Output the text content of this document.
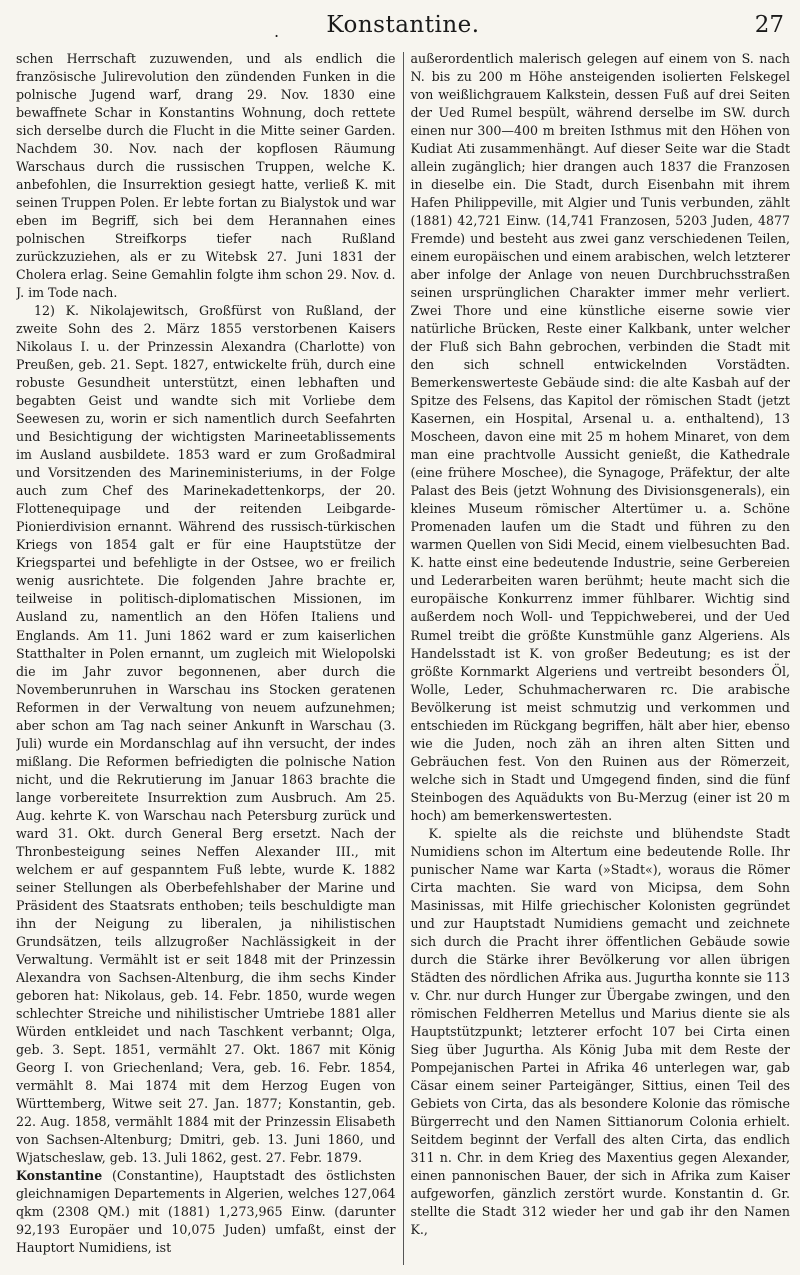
.	Konstantine.	27

schen Herrschaft zuzuwenden, und als endlich die französische Julirevolution den zündenden Funken in die polnische Jugend warf, drang 29. Nov. 1830 eine bewaffnete Schar in Konstantins Wohnung, doch rettete sich derselbe durch die Flucht in die Mitte seiner Garden. Nachdem 30. Nov. nach der kopflosen Räumung Warschaus durch die russischen Truppen, welche K. anbefohlen, die Insurrektion gesiegt hatte, verließ K. mit seinen Truppen Polen. Er lebte fortan zu Bialystok und war eben im Begriff, sich bei dem Herannahen eines polnischen Streifkorps tiefer nach Rußland zurückzuziehen, als er zu Witebsk 27. Juni 1831 der Cholera erlag. Seine Gemahlin folgte ihm schon 29. Nov. d. J. im Tode nach.

12) K. Nikolajewitsch, Großfürst von Rußland, der zweite Sohn des 2. März 1855 verstorbenen Kaisers Nikolaus I. u. der Prinzessin Alexandra (Charlotte) von Preußen, geb. 21. Sept. 1827, entwickelte früh, durch eine robuste Gesundheit unterstützt, einen lebhaften und begabten Geist und wandte sich mit Vorliebe dem Seewesen zu, worin er sich namentlich durch Seefahrten und Besichtigung der wichtigsten Marineetablissements im Ausland ausbildete. 1853 ward er zum Großadmiral und Vorsitzenden des Marineministeriums, in der Folge auch zum Chef des Marinekadettenkorps, der 20. Flottenequipage und der reitenden Leibgarde-Pionierdivision ernannt. Während des russisch-türkischen Kriegs von 1854 galt er für eine Hauptstütze der Kriegspartei und befehligte in der Ostsee, wo er freilich wenig ausrichtete. Die folgenden Jahre brachte er, teilweise in politisch-diplomatischen Missionen, im Ausland zu, namentlich an den Höfen Italiens und Englands. Am 11. Juni 1862 ward er zum kaiserlichen Statthalter in Polen ernannt, um zugleich mit Wielopolski die im Jahr zuvor begonnenen, aber durch die Novemberunruhen in Warschau ins Stocken geratenen Reformen in der Verwaltung von neuem aufzunehmen; aber schon am Tag nach seiner Ankunft in Warschau (3. Juli) wurde ein Mordanschlag auf ihn versucht, der indes mißlang. Die Reformen befriedigten die polnische Nation nicht, und die Rekrutierung im Januar 1863 brachte die lange vorbereitete Insurrektion zum Ausbruch. Am 25. Aug. kehrte K. von Warschau nach Petersburg zurück und ward 31. Okt. durch General Berg ersetzt. Nach der Thronbesteigung seines Neffen Alexander III., mit welchem er auf gespanntem Fuß lebte, wurde K. 1882 seiner Stellungen als Oberbefehlshaber der Marine und Präsident des Staatsrats enthoben; teils beschuldigte man ihn der Neigung zu liberalen, ja nihilistischen Grundsätzen, teils allzugroßer Nachlässigkeit in der Verwaltung. Vermählt ist er seit 1848 mit der Prinzessin Alexandra von Sachsen-Altenburg, die ihm sechs Kinder geboren hat: Nikolaus, geb. 14. Febr. 1850, wurde wegen schlechter Streiche und nihilistischer Umtriebe 1881 aller Würden entkleidet und nach Taschkent verbannt; Olga, geb. 3. Sept. 1851, vermählt 27. Okt. 1867 mit König Georg I. von Griechenland; Vera, geb. 16. Febr. 1854, vermählt 8. Mai 1874 mit dem Herzog Eugen von Württemberg, Witwe seit 27. Jan. 1877; Konstantin, geb. 22. Aug. 1858, vermählt 1884 mit der Prinzessin Elisabeth von Sachsen-Altenburg; Dmitri, geb. 13. Juni 1860, und Wjatscheslaw, geb. 13. Juli 1862, gest. 27. Febr. 1879.

Konstantine (Constantine), Hauptstadt des östlichsten gleichnamigen Departements in Algerien, welches 127,064 qkm (2308 QM.) mit (1881) 1,273,965 Einw. (darunter 92,193 Europäer und 10,075 Juden) umfaßt, einst der Hauptort Numidiens, ist

außerordentlich malerisch gelegen auf einem von S. nach N. bis zu 200 m Höhe ansteigenden isolierten Felskegel von weißlichgrauem Kalkstein, dessen Fuß auf drei Seiten der Ued Rumel bespült, während derselbe im SW. durch einen nur 300—400 m breiten Isthmus mit den Höhen von Kudiat Ati zusammenhängt. Auf dieser Seite war die Stadt allein zugänglich; hier drangen auch 1837 die Franzosen in dieselbe ein. Die Stadt, durch Eisenbahn mit ihrem Hafen Philippeville, mit Algier und Tunis verbunden, zählt (1881) 42,721 Einw. (14,741 Franzosen, 5203 Juden, 4877 Fremde) und besteht aus zwei ganz verschiedenen Teilen, einem europäischen und einem arabischen, welch letzterer aber infolge der Anlage von neuen Durchbruchsstraßen seinen ursprünglichen Charakter immer mehr verliert. Zwei Thore und eine künstliche eiserne sowie vier natürliche Brücken, Reste einer Kalkbank, unter welcher der Fluß sich Bahn gebrochen, verbinden die Stadt mit den sich schnell entwickelnden Vorstädten. Bemerkenswerteste Gebäude sind: die alte Kasbah auf der Spitze des Felsens, das Kapitol der römischen Stadt (jetzt Kasernen, ein Hospital, Arsenal u. a. enthaltend), 13 Moscheen, davon eine mit 25 m hohem Minaret, von dem man eine prachtvolle Aussicht genießt, die Kathedrale (eine frühere Moschee), die Synagoge, Präfektur, der alte Palast des Beis (jetzt Wohnung des Divisionsgenerals), ein kleines Museum römischer Altertümer u. a. Schöne Promenaden laufen um die Stadt und führen zu den warmen Quellen von Sidi Mecid, einem vielbesuchten Bad. K. hatte einst eine bedeutende Industrie, seine Gerbereien und Lederarbeiten waren berühmt; heute macht sich die europäische Konkurrenz immer fühlbarer. Wichtig sind außerdem noch Woll- und Teppichweberei, und der Ued Rumel treibt die größte Kunstmühle ganz Algeriens. Als Handelsstadt ist K. von großer Bedeutung; es ist der größte Kornmarkt Algeriens und vertreibt besonders Öl, Wolle, Leder, Schuhmacherwaren rc. Die arabische Bevölkerung ist meist schmutzig und verkommen und entschieden im Rückgang begriffen, hält aber hier, ebenso wie die Juden, noch zäh an ihren alten Sitten und Gebräuchen fest. Von den Ruinen aus der Römerzeit, welche sich in Stadt und Umgegend finden, sind die fünf Steinbogen des Aquädukts von Bu-Merzug (einer ist 20 m hoch) am bemerkenswertesten.

K. spielte als die reichste und blühendste Stadt Numidiens schon im Altertum eine bedeutende Rolle. Ihr punischer Name war Karta (»Stadt«), woraus die Römer Cirta machten. Sie ward von Micipsa, dem Sohn Masinissas, mit Hilfe griechischer Kolonisten gegründet und zur Hauptstadt Numidiens gemacht und zeichnete sich durch die Pracht ihrer öffentlichen Gebäude sowie durch die Stärke ihrer Bevölkerung vor allen übrigen Städten des nördlichen Afrika aus. Jugurtha konnte sie 113 v. Chr. nur durch Hunger zur Übergabe zwingen, und den römischen Feldherren Metellus und Marius diente sie als Hauptstützpunkt; letzterer erfocht 107 bei Cirta einen Sieg über Jugurtha. Als König Juba mit dem Reste der Pompejanischen Partei in Afrika 46 unterlegen war, gab Cäsar einem seiner Parteigänger, Sittius, einen Teil des Gebiets von Cirta, das als besondere Kolonie das römische Bürgerrecht und den Namen Sittianorum Colonia erhielt. Seitdem beginnt der Verfall des alten Cirta, das endlich 311 n. Chr. in dem Krieg des Maxentius gegen Alexander, einen pannonischen Bauer, der sich in Afrika zum Kaiser aufgeworfen, gänzlich zerstört wurde. Konstantin d. Gr. stellte die Stadt 312 wieder her und gab ihr den Namen K.,
